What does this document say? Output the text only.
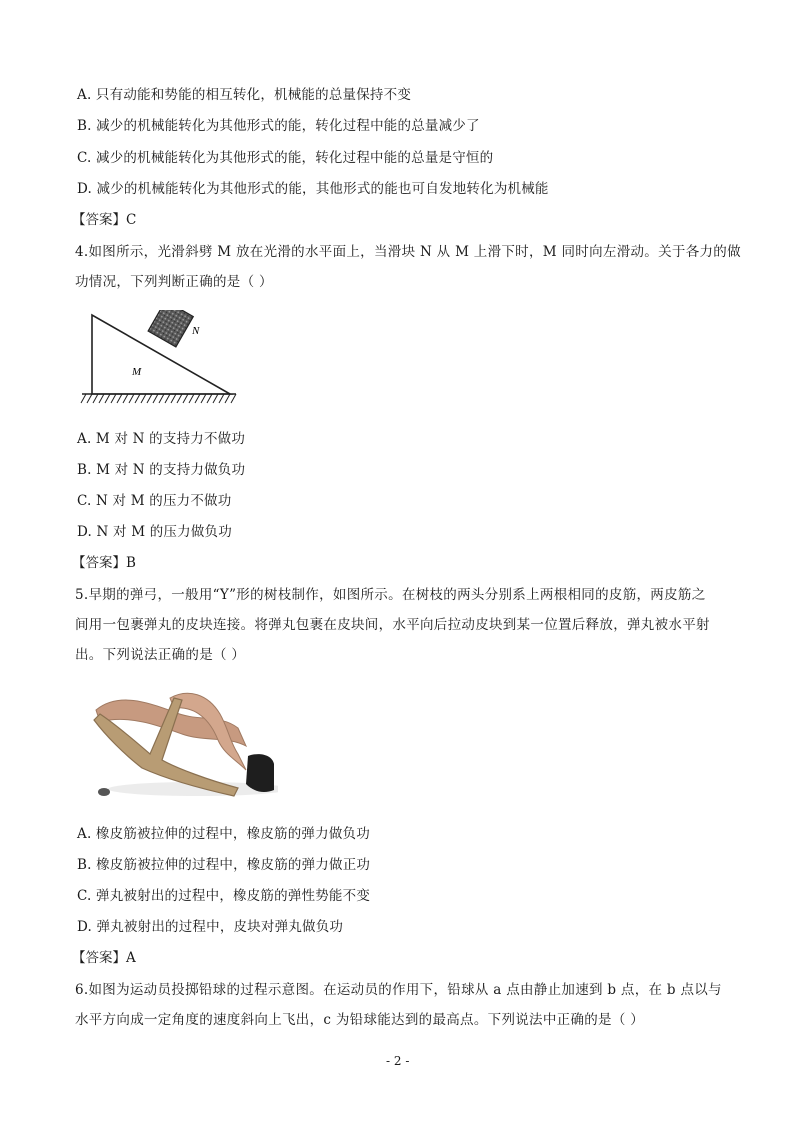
A. 只有动能和势能的相互转化，机械能的总量保持不变
B. 减少的机械能转化为其他形式的能，转化过程中能的总量减少了
C. 减少的机械能转化为其他形式的能，转化过程中能的总量是守恒的
D. 减少的机械能转化为其他形式的能，其他形式的能也可自发地转化为机械能
【答案】C
4.如图所示，光滑斜劈 M 放在光滑的水平面上，当滑块 N 从 M 上滑下时，M 同时向左滑动。关于各力的做
功情况，下列判断正确的是（ ）
N
M
A. M 对 N 的支持力不做功
B. M 对 N 的支持力做负功
C. N 对 M 的压力不做功
D. N 对 M 的压力做负功
【答案】B
5.早期的弹弓，一般用“Y”形的树枝制作，如图所示。在树枝的两头分别系上两根相同的皮筋，两皮筋之
间用一包裹弹丸的皮块连接。将弹丸包裹在皮块间，水平向后拉动皮块到某一位置后释放，弹丸被水平射
出。下列说法正确的是（ ）
A. 橡皮筋被拉伸的过程中，橡皮筋的弹力做负功
B. 橡皮筋被拉伸的过程中，橡皮筋的弹力做正功
C. 弹丸被射出的过程中，橡皮筋的弹性势能不变
D. 弹丸被射出的过程中，皮块对弹丸做负功
【答案】A
6.如图为运动员投掷铅球的过程示意图。在运动员的作用下，铅球从 a 点由静止加速到 b 点，在 b 点以与
水平方向成一定角度的速度斜向上飞出，c 为铅球能达到的最高点。下列说法中正确的是（ ）
- 2 -
